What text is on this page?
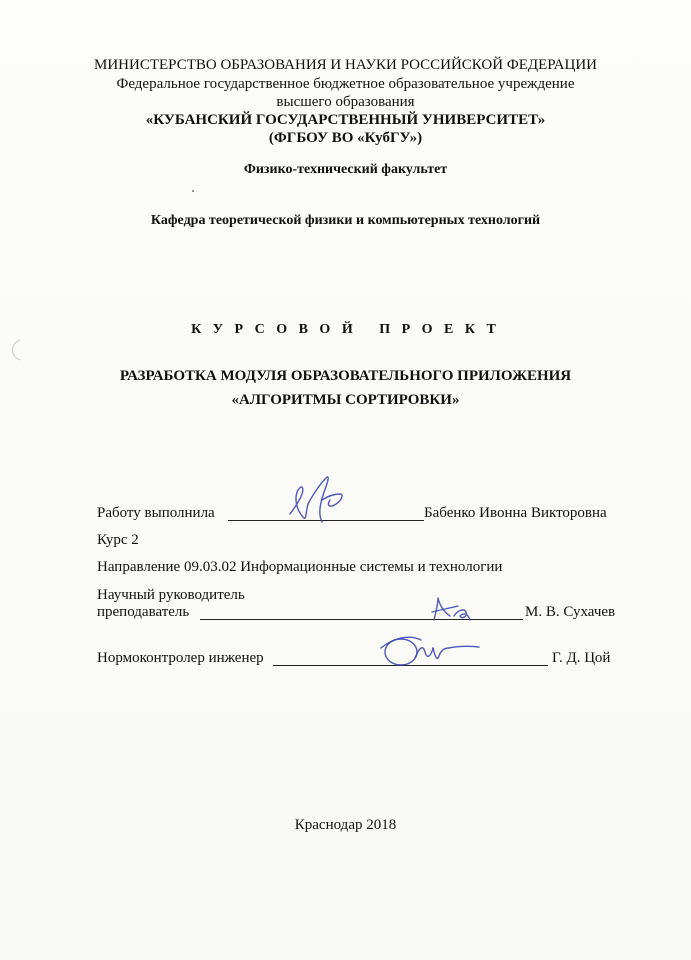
МИНИСТЕРСТВО ОБРАЗОВАНИЯ И НАУКИ РОССИЙСКОЙ ФЕДЕРАЦИИ
Федеральное государственное бюджетное образовательное учреждение
высшего образования
«КУБАНСКИЙ ГОСУДАРСТВЕННЫЙ УНИВЕРСИТЕТ»
(ФГБОУ ВО «КубГУ»)
Физико-технический факультет
Кафедра теоретической физики и компьютерных технологий
К У Р С О В О Й   П Р О Е К Т
РАЗРАБОТКА МОДУЛЯ ОБРАЗОВАТЕЛЬНОГО ПРИЛОЖЕНИЯ
«АЛГОРИТМЫ СОРТИРОВКИ»
Работу выполнила	Бабенко Ивонна Викторовна
Курс 2
Направление 09.03.02 Информационные системы и технологии
Научный руководитель
преподаватель	М. В. Сухачев
Нормоконтролер инженер	Г. Д. Цой
Краснодар 2018
